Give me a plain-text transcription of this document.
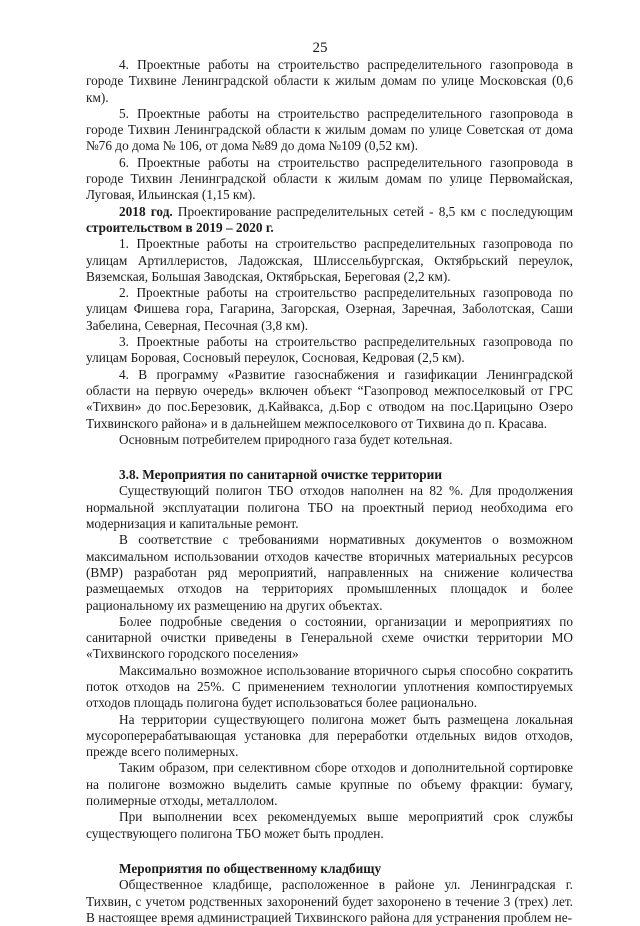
25

4. Проектные работы на строительство распределительного газопровода в городе Тихвине Ленинградской области к жилым домам по улице Московская (0,6 км).

5. Проектные работы на строительство распределительного газопровода в городе Тихвин Ленинградской области к жилым домам по улице Советская от дома №76 до дома № 106, от дома №89 до дома №109 (0,52 км).

6. Проектные работы на строительство распределительного газопровода в городе Тихвин Ленинградской области к жилым домам по улице Первомайская, Луговая, Ильинская (1,15 км).

2018 год. Проектирование распределительных сетей - 8,5 км с последующим строительством в 2019 – 2020 г.

1. Проектные работы на строительство распределительных газопровода по улицам Артиллеристов, Ладожская, Шлиссельбургская, Октябрьский переулок, Вяземская, Большая Заводская, Октябрьская, Береговая (2,2 км).

2. Проектные работы на строительство распределительных газопровода по улицам Фишева гора, Гагарина, Загорская, Озерная, Заречная, Заболотская, Саши Забелина, Северная, Песочная (3,8 км).

3. Проектные работы на строительство распределительных газопровода по улицам Боровая, Сосновый переулок, Сосновая, Кедровая (2,5 км).

4. В программу «Развитие газоснабжения и газификации Ленинградской области на первую очередь» включен объект “Газопровод межпоселковый от ГРС «Тихвин» до пос.Березовик, д.Кайвакса, д.Бор с отводом на пос.Царицыно Озеро Тихвинского района» и в дальнейшем межпоселкового от Тихвина до п. Красава.

Основным потребителем природного газа будет котельная.

3.8. Мероприятия по санитарной очистке территории

Существующий полигон ТБО отходов наполнен на 82 %. Для продолжения нормальной эксплуатации полигона ТБО на проектный период необходима его модернизация и капитальные ремонт.

В соответствие с требованиями нормативных документов о возможном максимальном использовании отходов качестве вторичных материальных ресурсов (ВМР) разработан ряд мероприятий, направленных на снижение количества размещаемых отходов на территориях промышленных площадок и более рациональному их размещению на других объектах.

Более подробные сведения о состоянии, организации и мероприятиях по санитарной очистки приведены в Генеральной схеме очистки территории МО «Тихвинского городского поселения»

Максимально возможное использование вторичного сырья способно сократить поток отходов на 25%. С применением технологии уплотнения компостируемых отходов площадь полигона будет использоваться более рационально.

На территории существующего полигона может быть размещена локальная мусороперерабатывающая установка для переработки отдельных видов отходов, прежде всего полимерных.

Таким образом, при селективном сборе отходов и дополнительной сортировке на полигоне возможно выделить самые крупные по объему фракции: бумагу, полимерные отходы, металлолом.

При выполнении всех рекомендуемых выше мероприятий срок службы существующего полигона ТБО может быть продлен.

Мероприятия по общественному кладбищу

Общественное кладбище, расположенное в районе ул. Ленинградская г. Тихвин, с учетом родственных захоронений будет захоронено в течение 3 (трех) лет. В настоящее время администрацией Тихвинского района для устранения проблем не-
